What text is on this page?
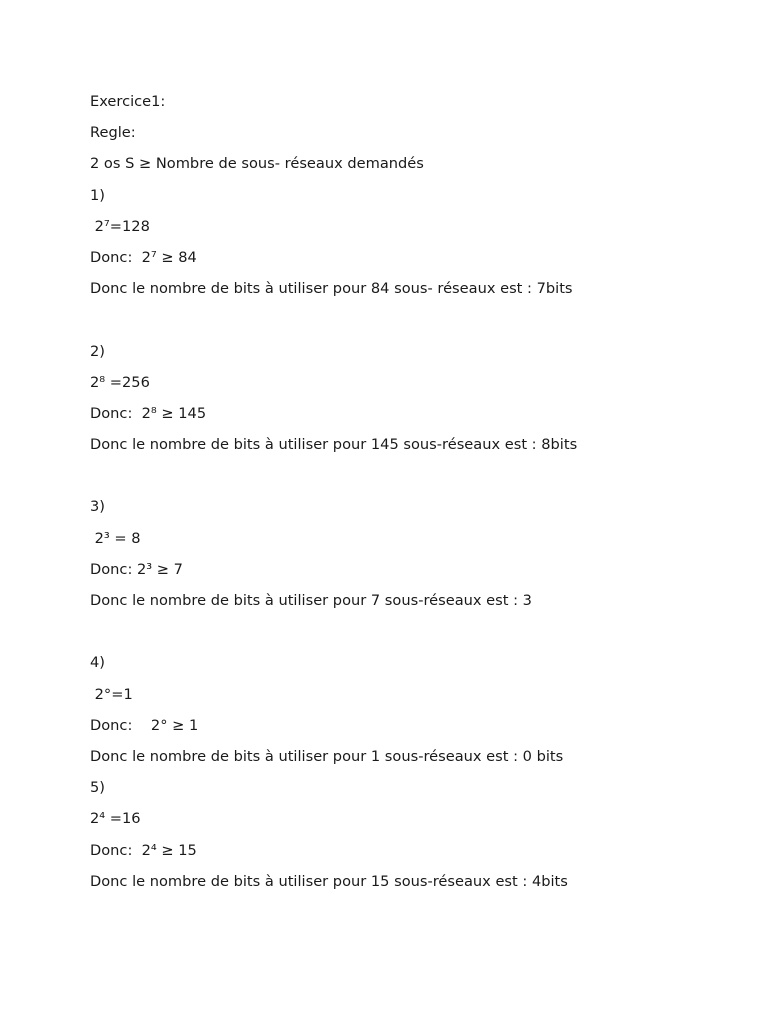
Exercice1:
Regle:
2 os S ≥ Nombre de sous- réseaux demandés
1)
2⁷=128
Donc:  2⁷ ≥ 84
Donc le nombre de bits à utiliser pour 84 sous- réseaux est : 7bits
2)
2⁸ =256
Donc:  2⁸ ≥ 145
Donc le nombre de bits à utiliser pour 145 sous-réseaux est : 8bits
3)
2³ = 8
Donc: 2³ ≥ 7
Donc le nombre de bits à utiliser pour 7 sous-réseaux est : 3
4)
2°=1
Donc:    2° ≥ 1
Donc le nombre de bits à utiliser pour 1 sous-réseaux est : 0 bits
5)
2⁴ =16
Donc:  2⁴ ≥ 15
Donc le nombre de bits à utiliser pour 15 sous-réseaux est : 4bits
